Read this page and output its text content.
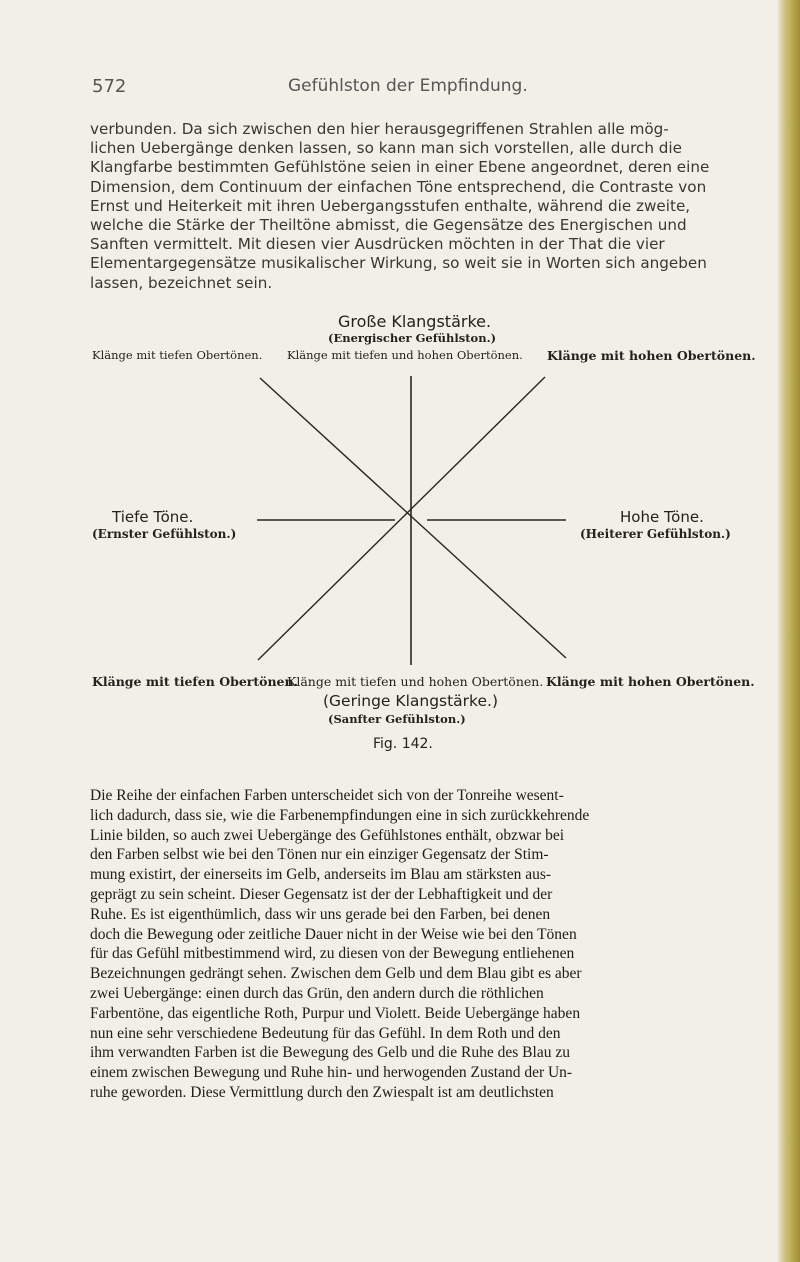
572	Gefühlston der Empfindung.
verbunden. Da sich zwischen den hier herausgegriffenen Strahlen alle mög-
lichen Uebergänge denken lassen, so kann man sich vorstellen, alle durch die
Klangfarbe bestimmten Gefühlstöne seien in einer Ebene angeordnet, deren eine
Dimension, dem Continuum der einfachen Töne entsprechend, die Contraste von
Ernst und Heiterkeit mit ihren Uebergangsstufen enthalte, während die zweite,
welche die Stärke der Theiltöne abmisst, die Gegensätze des Energischen und
Sanften vermittelt. Mit diesen vier Ausdrücken möchten in der That die vier
Elementargegensätze musikalischer Wirkung, so weit sie in Worten sich angeben
lassen, bezeichnet sein.
Große Klangstärke.
(Energischer Gefühlston.)
Klänge mit tiefen Obertönen. Klänge mit tiefen und hohen Obertönen. Klänge mit hohen Obertönen.
Tiefe Töne.
(Ernster Gefühlston.)
Hohe Töne.
(Heiterer Gefühlston.)
Klänge mit tiefen Obertönen.
Klänge mit tiefen und hohen Obertönen. Klänge mit hohen Obertönen.
(Geringe Klangstärke.)
(Sanfter Gefühlston.)
Fig. 142.
Die Reihe der einfachen Farben unterscheidet sich von der Tonreihe wesent-
lich dadurch, dass sie, wie die Farbenempfindungen eine in sich zurückkehrende
Linie bilden, so auch zwei Uebergänge des Gefühlstones enthält, obzwar bei
den Farben selbst wie bei den Tönen nur ein einziger Gegensatz der Stim-
mung existirt, der einerseits im Gelb, anderseits im Blau am stärksten aus-
geprägt zu sein scheint. Dieser Gegensatz ist der der Lebhaftigkeit und der
Ruhe. Es ist eigenthümlich, dass wir uns gerade bei den Farben, bei denen
doch die Bewegung oder zeitliche Dauer nicht in der Weise wie bei den Tönen
für das Gefühl mitbestimmend wird, zu diesen von der Bewegung entliehenen
Bezeichnungen gedrängt sehen. Zwischen dem Gelb und dem Blau gibt es aber
zwei Uebergänge: einen durch das Grün, den andern durch die röthlichen
Farbentöne, das eigentliche Roth, Purpur und Violett. Beide Uebergänge haben
nun eine sehr verschiedene Bedeutung für das Gefühl. In dem Roth und den
ihm verwandten Farben ist die Bewegung des Gelb und die Ruhe des Blau zu
einem zwischen Bewegung und Ruhe hin- und herwogenden Zustand der Un-
ruhe geworden. Diese Vermittlung durch den Zwiespalt ist am deutlichsten
